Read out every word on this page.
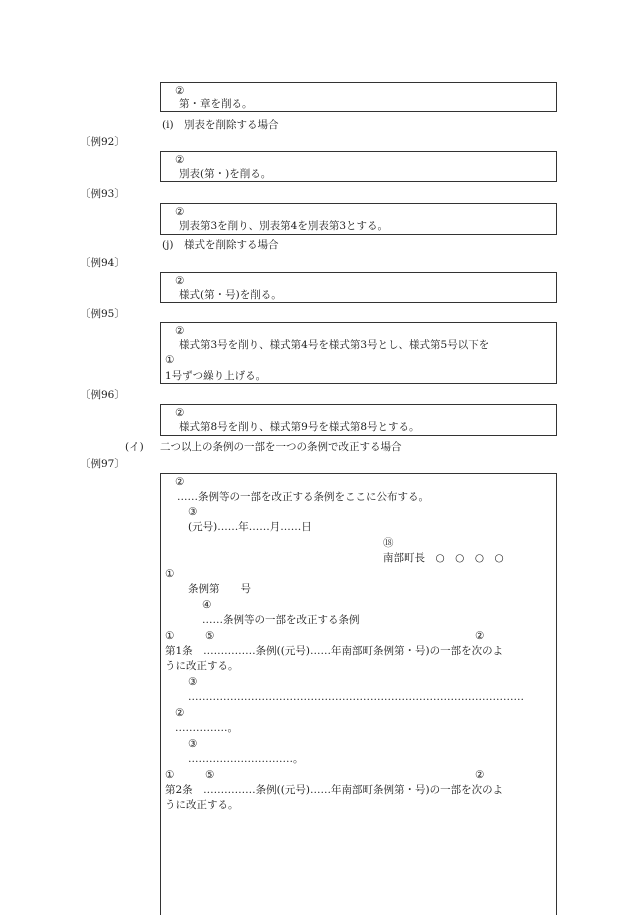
②
第・章を削る。
(i)　別表を削除する場合
〔例92〕
②
別表(第・)を削る。
〔例93〕
②
別表第3を削り、別表第4を別表第3とする。
(j)　様式を削除する場合
〔例94〕
②
様式(第・号)を削る。
〔例95〕
②
様式第3号を削り、様式第4号を様式第3号とし、様式第5号以下を
①
1号ずつ繰り上げる。
〔例96〕
②
様式第8号を削り、様式第9号を様式第8号とする。
(イ) 二つ以上の条例の一部を一つの条例で改正する場合
〔例97〕
②
……条例等の一部を改正する条例をここに公布する。
③
(元号)……年……月……日
⑱
南部町長　○　○　○　○
①
条例第　　号
④
……条例等の一部を改正する条例
①	⑤	②
第1条　……………条例((元号)……年南部町条例第・号)の一部を次のよ
うに改正する。
③
……………………………………………………………………………………
②
……………。
③
…………………………。
①	⑤	②
第2条　……………条例((元号)……年南部町条例第・号)の一部を次のよ
うに改正する。
